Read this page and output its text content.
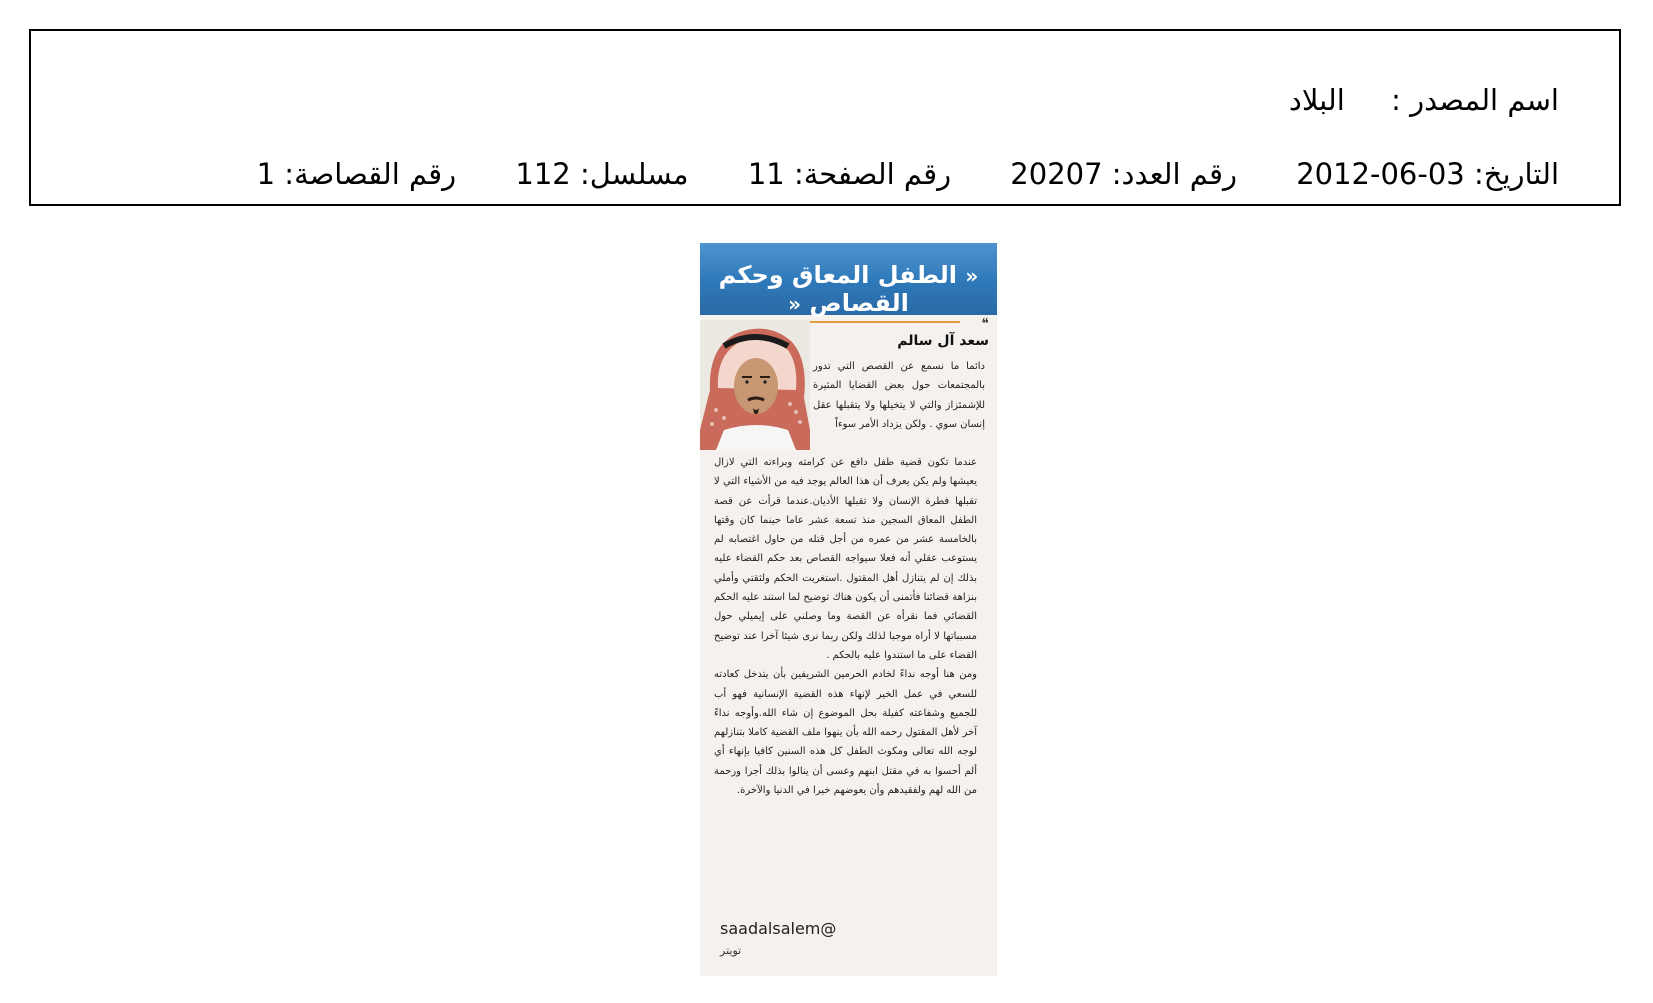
اسم المصدر : البلاد
التاريخ: 2012-06-03 رقم العدد: 20207 رقم الصفحة: 11 مسلسل: 112 رقم القصاصة: 1
« الطفل المعاق وحكم القصاص «
❝
سعد آل سالم
دائما ما نسمع عن القصص التي تدور بالمجتمعات حول بعض القضايا المثيرة للإشمئزاز والتي لا يتخيلها ولا يتقبلها عقل إنسان سوي . ولكن يزداد الأمر سوءاً
عندما تكون قضية طفل دافع عن كرامته وبراءته التي لازال يعيشها ولم يكن يعرف أن هذا العالم يوجد فيه من الأشياء التي لا تقبلها فطرة الإنسان ولا تقبلها الأديان.عندما قرأت عن قصة الطفل المعاق السجين منذ تسعة عشر عاما حينما كان وقتها بالخامسة عشر من عمره من أجل قتله من حاول اغتصابه لم يستوعب عقلي أنه فعلا سيواجه القصاص بعد حكم القضاء عليه بذلك إن لم يتنازل أهل المقتول .استغربت الحكم ولثقتي وأملي بنزاهة قضائنا فأتمنى أن يكون هناك توضيح لما استند عليه الحكم القضائي فما نقرأه عن القصة وما وصلني على إيميلي حول مسبباتها لا أراه موجبا لذلك ولكن ربما نرى شيئا آخرا عند توضيح القضاء على ما استندوا عليه بالحكم .
ومن هنا أوجه نداءً لخادم الحرمين الشريفين بأن يتدخل كعادته للسعي في عمل الخير لإنهاء هذه القضية الإنسانية فهو أب للجميع وشفاعته كفيلة بحل الموضوع إن شاء الله.وأوجه نداءً آخر لأهل المقتول رحمه الله بأن ينهوا ملف القضية كاملا بتنازلهم لوجه الله تعالى ومكوث الطفل كل هذه السنين كافيا بإنهاء أي ألم أحسوا به في مقتل ابنهم وعسى أن ينالوا بذلك أجرا ورحمة من الله لهم ولفقيدهم وأن يعوضهم خيرا في الدنيا والآخرة.
saadalsalem@
تويتر
